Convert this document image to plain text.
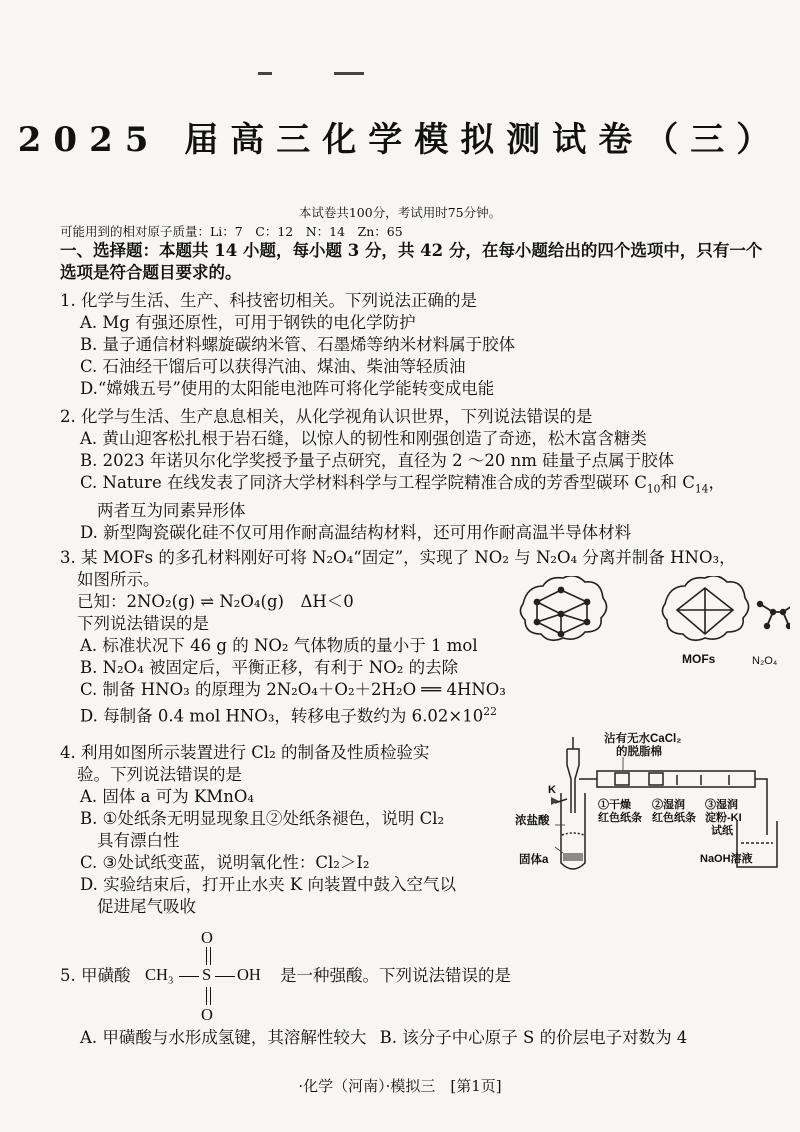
2025 届高三化学模拟测试卷（三）
本试卷共100分，考试用时75分钟。
可能用到的相对原子质量：Li：7　C：12　N：14　Zn：65
一、选择题：本题共 14 小题，每小题 3 分，共 42 分，在每小题给出的四个选项中，只有一个
选项是符合题目要求的。
1. 化学与生活、生产、科技密切相关。下列说法正确的是
A. Mg 有强还原性，可用于钢铁的电化学防护
B. 量子通信材料螺旋碳纳米管、石墨烯等纳米材料属于胶体
C. 石油经干馏后可以获得汽油、煤油、柴油等轻质油
D.“嫦娥五号”使用的太阳能电池阵可将化学能转变成电能
2. 化学与生活、生产息息相关，从化学视角认识世界，下列说法错误的是
A. 黄山迎客松扎根于岩石缝，以惊人的韧性和刚强创造了奇迹，松木富含糖类
B. 2023 年诺贝尔化学奖授予量子点研究，直径为 2 ～20 nm 硅量子点属于胶体
C. Nature 在线发表了同济大学材料科学与工程学院精准合成的芳香型碳环 $C_{10}$和 $C_{14}$，
两者互为同素异形体
D. 新型陶瓷碳化硅不仅可用作耐高温结构材料，还可用作耐高温半导体材料
3. 某 MOFs 的多孔材料刚好可将 N₂O₄“固定”，实现了 NO₂ 与 N₂O₄ 分离并制备 HNO₃，
如图所示。
已知：2NO₂(g) ⇌ N₂O₄(g)　ΔH＜0
下列说法错误的是
A. 标准状况下 46 g 的 NO₂ 气体物质的量小于 1 mol
B. N₂O₄ 被固定后，平衡正移，有利于 NO₂ 的去除
C. 制备 HNO₃ 的原理为 2N₂O₄＋O₂＋2H₂O ══ 4HNO₃
D. 每制备 0.4 mol HNO₃，转移电子数约为 $6.02\times 10^{22}$
MOFs	N₂O₄
4. 利用如图所示装置进行 Cl₂ 的制备及性质检验实
验。下列说法错误的是
A. 固体 a 可为 KMnO₄
B. ①处纸条无明显现象且②处纸条褪色，说明 Cl₂
具有漂白性
C. ③处试纸变蓝，说明氧化性：Cl₂＞I₂
D. 实验结束后，打开止水夹 K 向装置中鼓入空气以
促进尾气吸收
沾有无水CaCl₂
的脱脂棉
K
浓盐酸
固体a
①干燥
红色纸条
②湿润
红色纸条
③湿润
淀粉-KI
试纸
NaOH溶液
5. 甲磺酸
O
CH₃ S OH
O
是一种强酸。下列说法错误的是
A. 甲磺酸与水形成氢键，其溶解性较大 B. 该分子中心原子 S 的价层电子对数为 4
·化学（河南）·模拟三　[第1页]
